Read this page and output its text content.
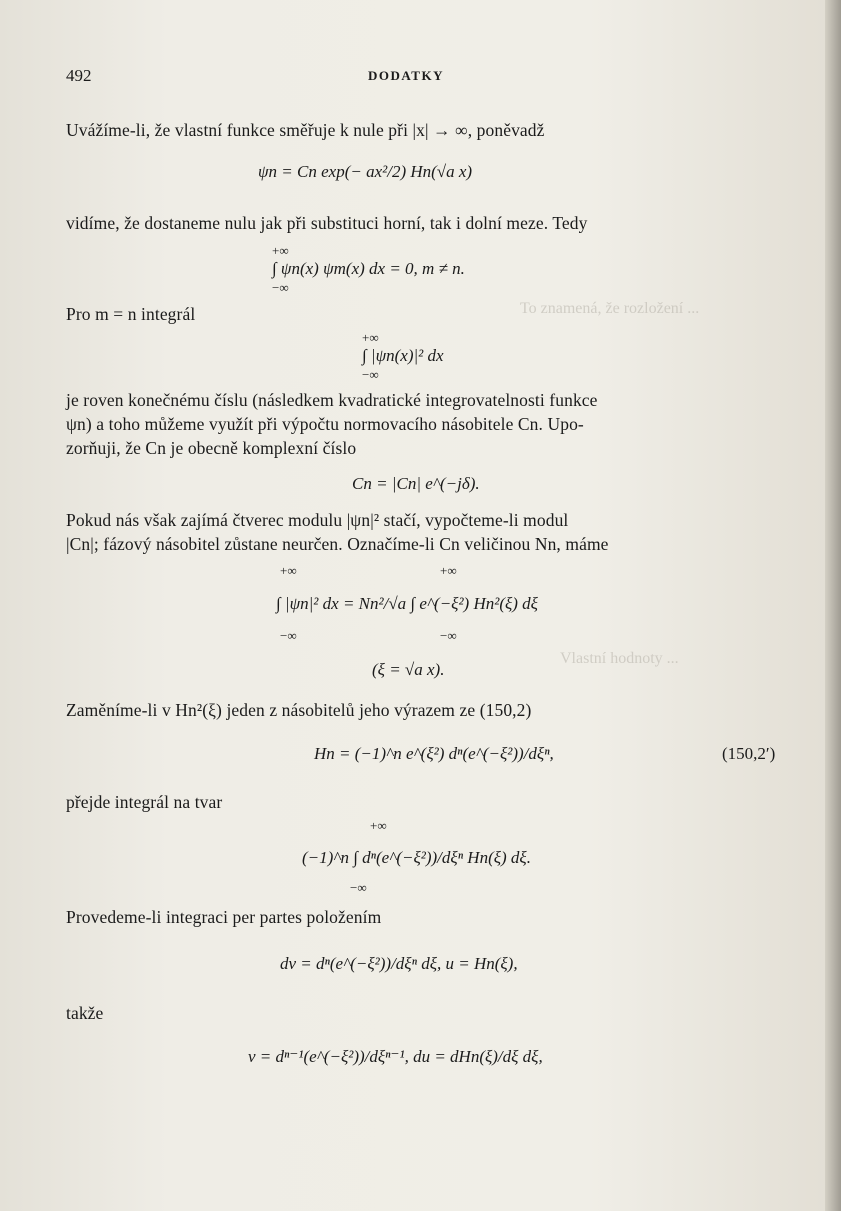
To znamená, že rozložení ...
Vlastní hodnoty ...
492	DODATKY
Uvážíme-li, že vlastní funkce směřuje k nule při |x| → ∞, poněvadž
ψn = Cn exp(− ax²/2) Hn(√a x)
vidíme, že dostaneme nulu jak při substituci horní, tak i dolní meze. Tedy
+∞
∫ ψn(x) ψm(x) dx = 0, m ≠ n.
−∞
Pro m = n integrál
+∞
∫ |ψn(x)|² dx
−∞
je roven konečnému číslu (následkem kvadratické integrovatelnosti funkce
ψn) a toho můžeme využít při výpočtu normovacího násobitele Cn. Upo-
zorňuji, že Cn je obecně komplexní číslo
Cn = |Cn| e^(−jδ).
Pokud nás však zajímá čtverec modulu |ψn|² stačí, vypočteme-li modul
|Cn|; fázový násobitel zůstane neurčen. Označíme-li Cn veličinou Nn, máme
+∞	+∞
∫ |ψn|² dx = Nn²/√a ∫ e^(−ξ²) Hn²(ξ) dξ
−∞	−∞
(ξ = √a x).
Zaměníme-li v Hn²(ξ) jeden z násobitelů jeho výrazem ze (150,2)
Hn = (−1)^n e^(ξ²) dⁿ(e^(−ξ²))/dξⁿ,	(150,2′)
přejde integrál na tvar
+∞
(−1)^n ∫ dⁿ(e^(−ξ²))/dξⁿ Hn(ξ) dξ.
−∞
Provedeme-li integraci per partes položením
dv = dⁿ(e^(−ξ²))/dξⁿ dξ, u = Hn(ξ),
takže
v = dⁿ⁻¹(e^(−ξ²))/dξⁿ⁻¹, du = dHn(ξ)/dξ dξ,
